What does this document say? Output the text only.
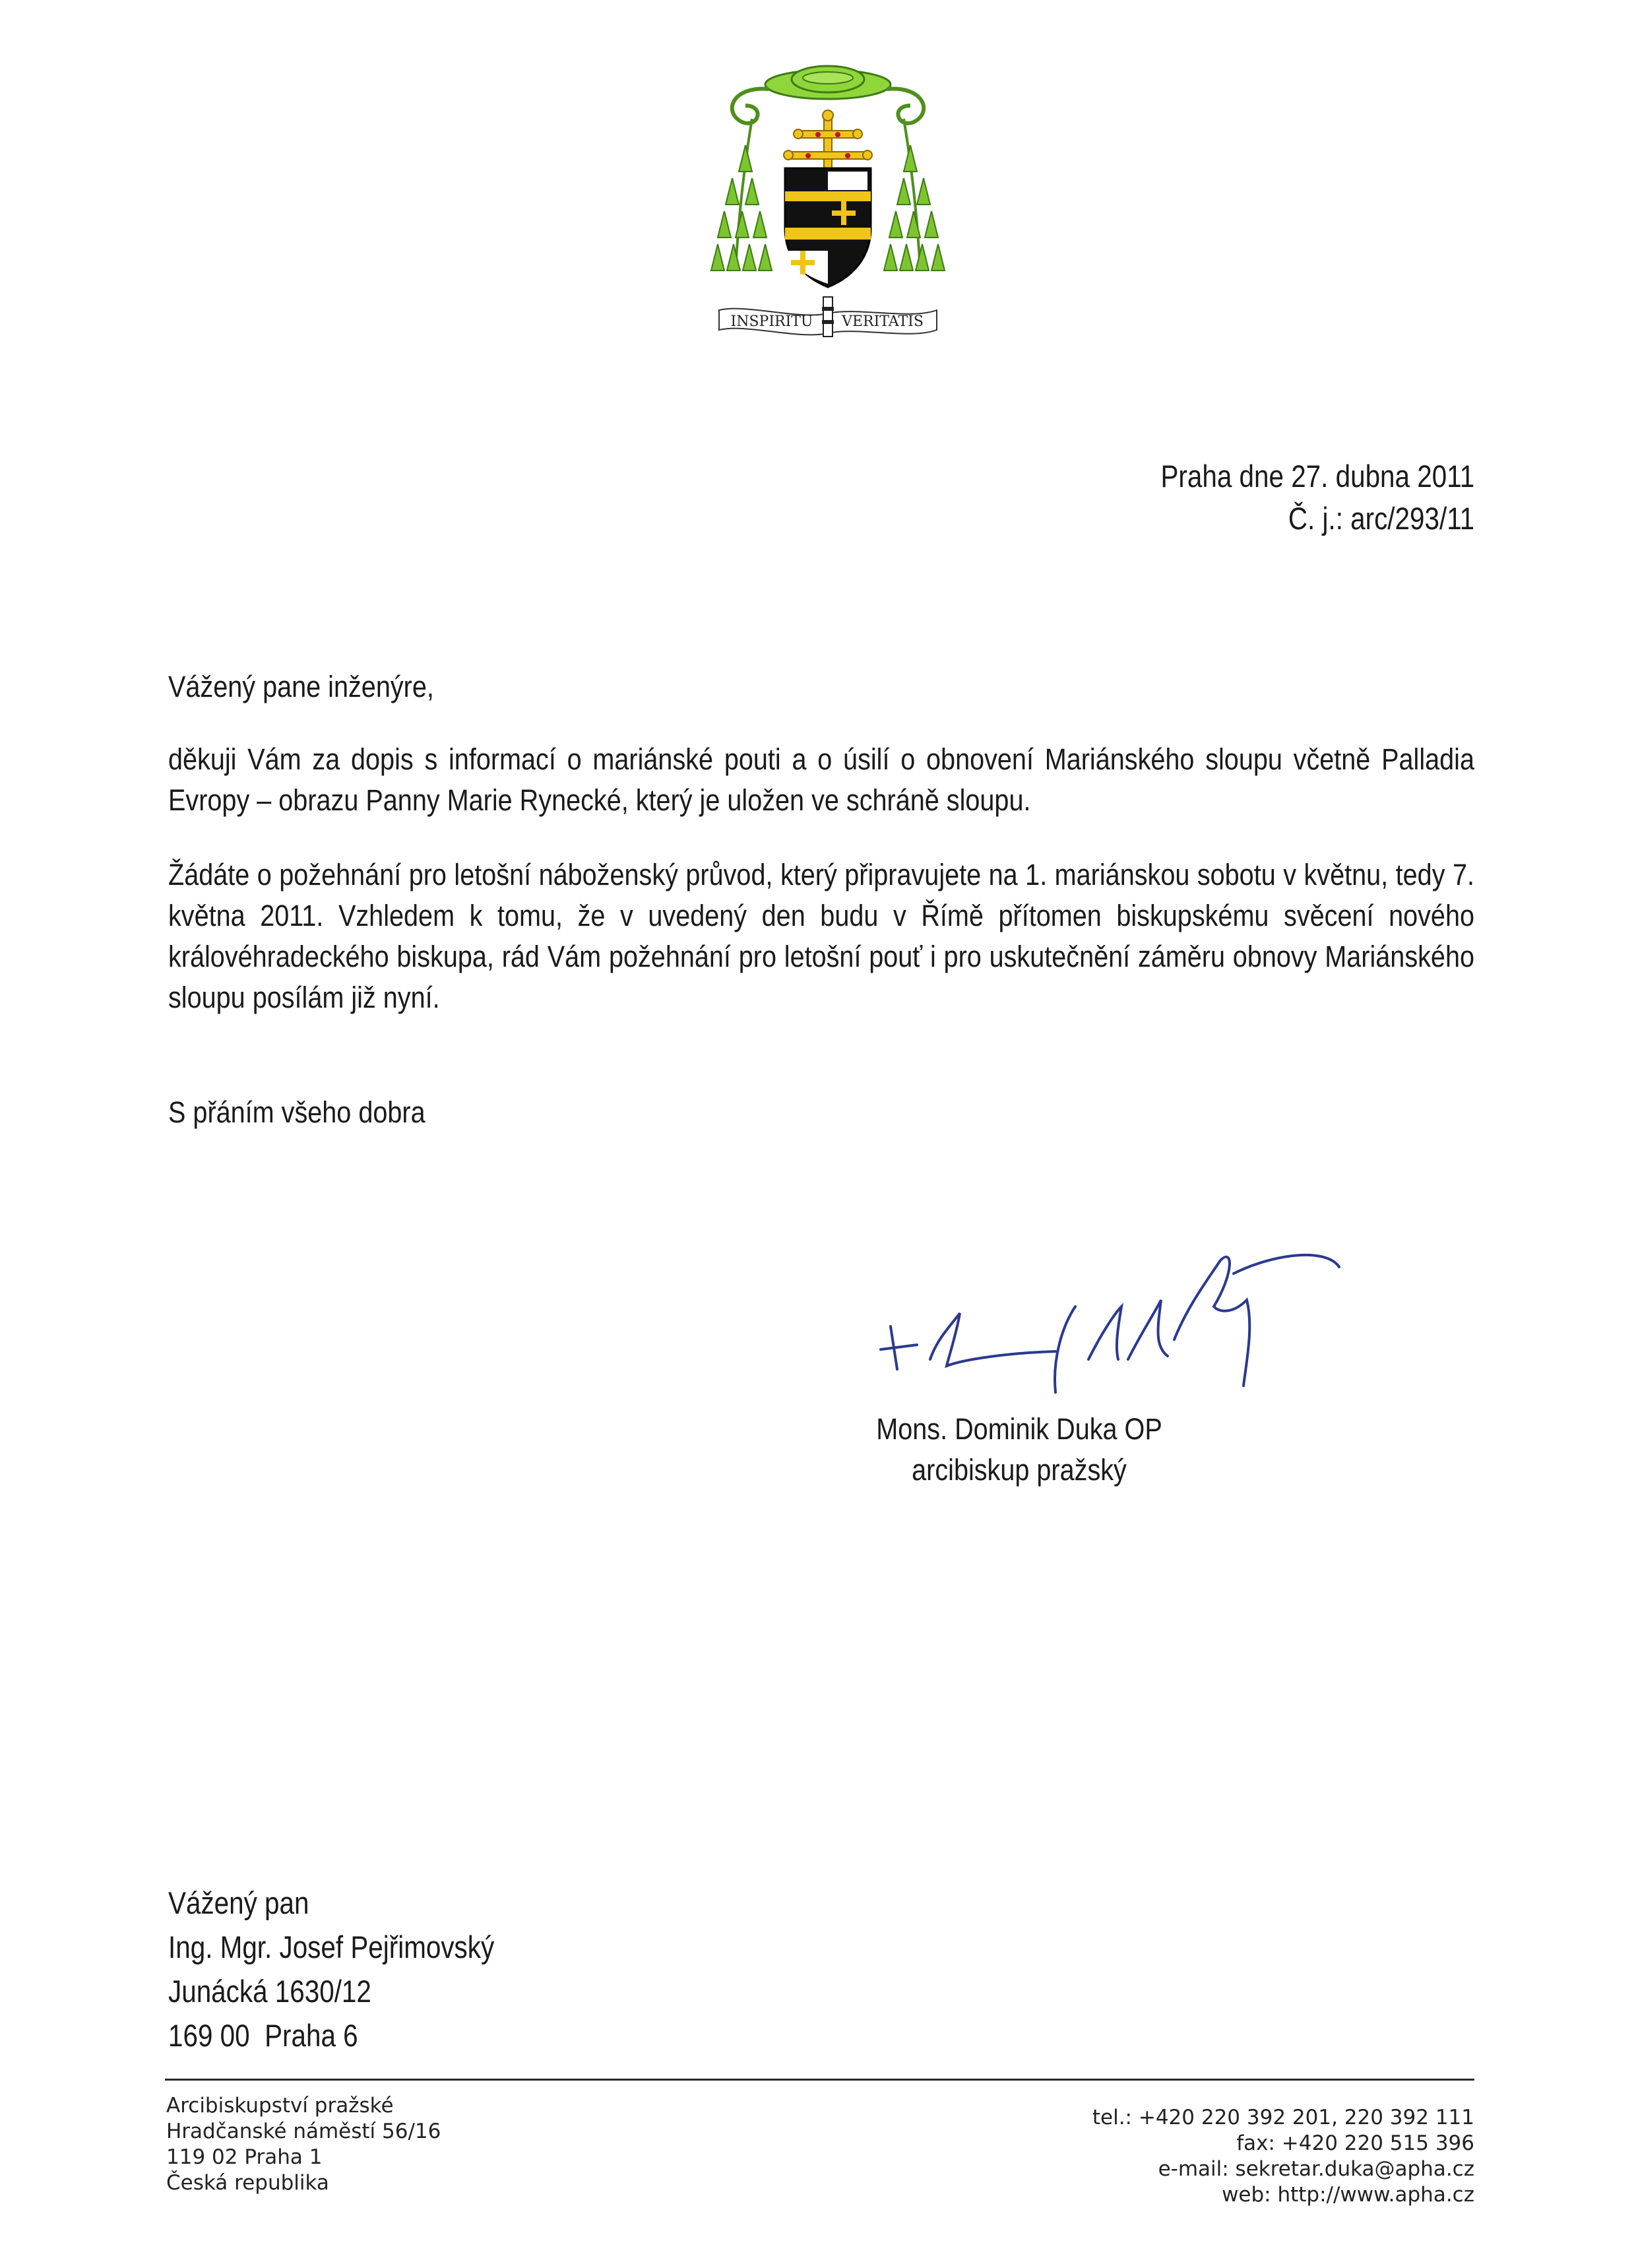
INSPIRITU VERITATIS
Praha dne 27. dubna 2011
Č. j.: arc/293/11
Vážený pane inženýre,
děkuji Vám za dopis s informací o mariánské pouti a o úsilí o obnovení Mariánského sloupu včetně Palladia Evropy – obrazu Panny Marie Rynecké, který je uložen ve schráně sloupu.
Žádáte o požehnání pro letošní náboženský průvod, který připravujete na 1. mariánskou sobotu v květnu, tedy 7. května 2011. Vzhledem k tomu, že v uvedený den budu v Římě přítomen biskupskému svěcení nového královéhradeckého biskupa, rád Vám požehnání pro letošní pouť i pro uskutečnění záměru obnovy Mariánského sloupu posílám již nyní.
S přáním všeho dobra
Mons. Dominik Duka OP
arcibiskup pražský
Vážený pan
Ing. Mgr. Josef Pejřimovský
Junácká 1630/12
169 00  Praha 6
Arcibiskupství pražské
Hradčanské náměstí 56/16
119 02 Praha 1
Česká republika
tel.: +420 220 392 201, 220 392 111
fax: +420 220 515 396
e-mail: sekretar.duka@apha.cz
web: http://www.apha.cz
